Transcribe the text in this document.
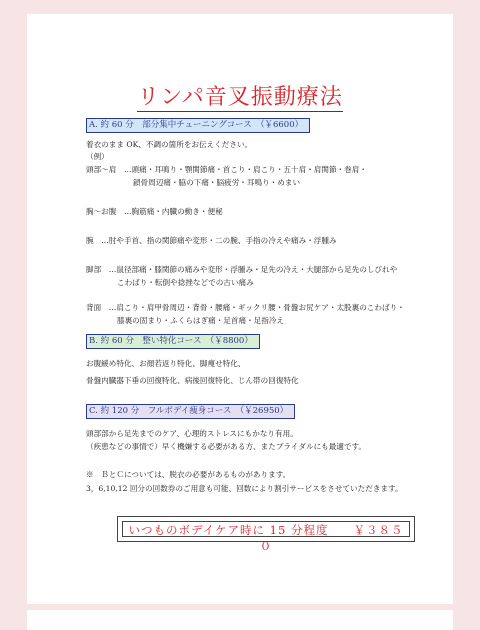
リンパ音叉振動療法
A. 約 60 分　部分集中チューニングコース　（￥6600）
着衣のまま OK、不調の箇所をお伝えください。
（例）
頭部～肩　…頭痛・耳鳴り・顎関節痛・首こり・肩こり・五十肩・肩関節・巻肩・
鎖骨周辺痛・脇の下痛・脳疲労・耳鳴り・めまい
胸～お腹　…胸筋痛・内臓の動き・便秘
腕　…肘や手首、指の関節痛や変形・二の腕、手指の冷えや痛み・浮腫み
脚部　…鼠径部痛・膝関節の痛みや変形・浮腫み・足先の冷え・大腿部から足先のしびれや
こわばり・転倒や捻挫などでの古い痛み
背面　…肩こり・肩甲骨周辺・背骨・腰痛・ギックリ腰・骨盤お尻ケア・太股裏のこわばり・
膝裏の固まり・ふくらはぎ痛・足首痛・足指冷え
B. 約 60 分　整い特化コース　（￥8800）
お腹緩め特化、お顔若返り特化、脚痩せ特化、
骨盤内臓器下垂の回復特化、病後回復特化、じん帯の回復特化
C. 約 120 分　フルボデイ痩身コース　（￥26950）
頭部部から足先までのケア、心理的ストレスにもかなり有用。
（疾患などの事情で）早く機嫌する必要がある方、またブライダルにも最適です。
※　ＢとＣについては、脱衣の必要があるものがあります。
3，6,10,12 回分の回数券のご用意も可能、回数により割引サービスをさせていただきます。
いつものボデイケア時に 15 分程度　　￥３８５０
